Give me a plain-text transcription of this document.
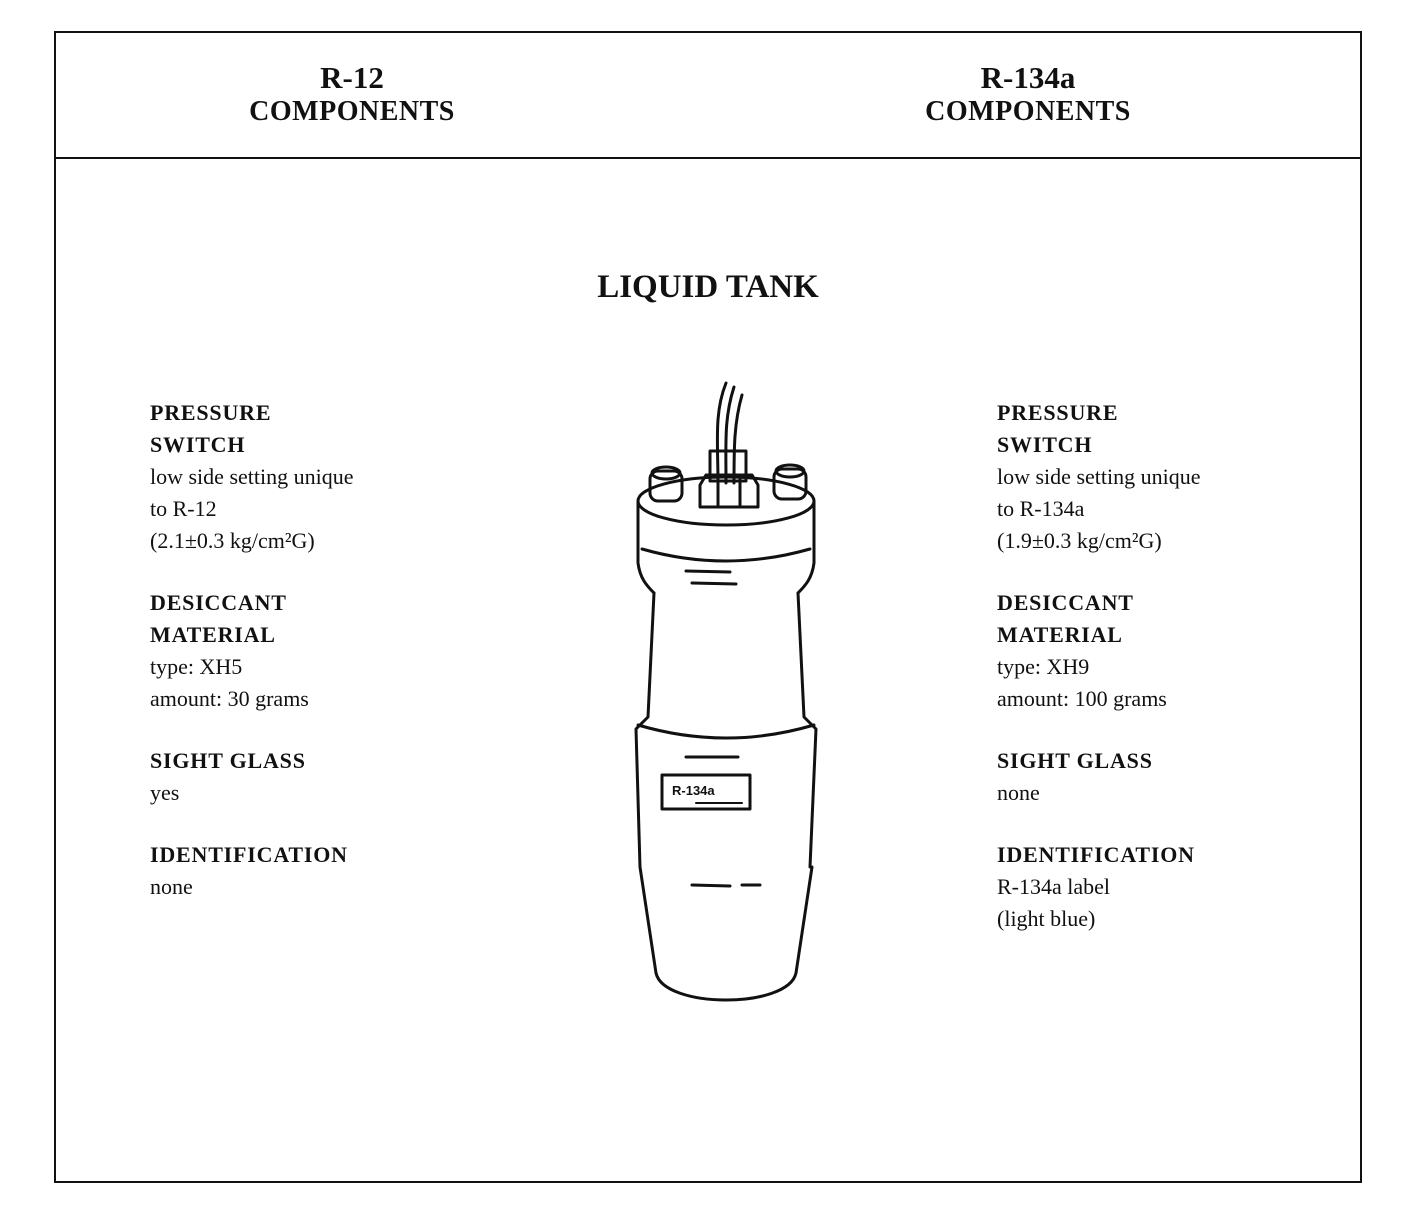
R-12
COMPONENTS
R-134a
COMPONENTS
LIQUID TANK
PRESSURE
SWITCH
low side setting unique
to R-12
(2.1±0.3 kg/cm²G)
DESICCANT
MATERIAL
type: XH5
amount: 30 grams
SIGHT GLASS
yes
IDENTIFICATION
none
PRESSURE
SWITCH
low side setting unique
to R-134a
(1.9±0.3 kg/cm²G)
DESICCANT
MATERIAL
type: XH9
amount: 100 grams
SIGHT GLASS
none
IDENTIFICATION
R-134a label
(light blue)
R-134a
